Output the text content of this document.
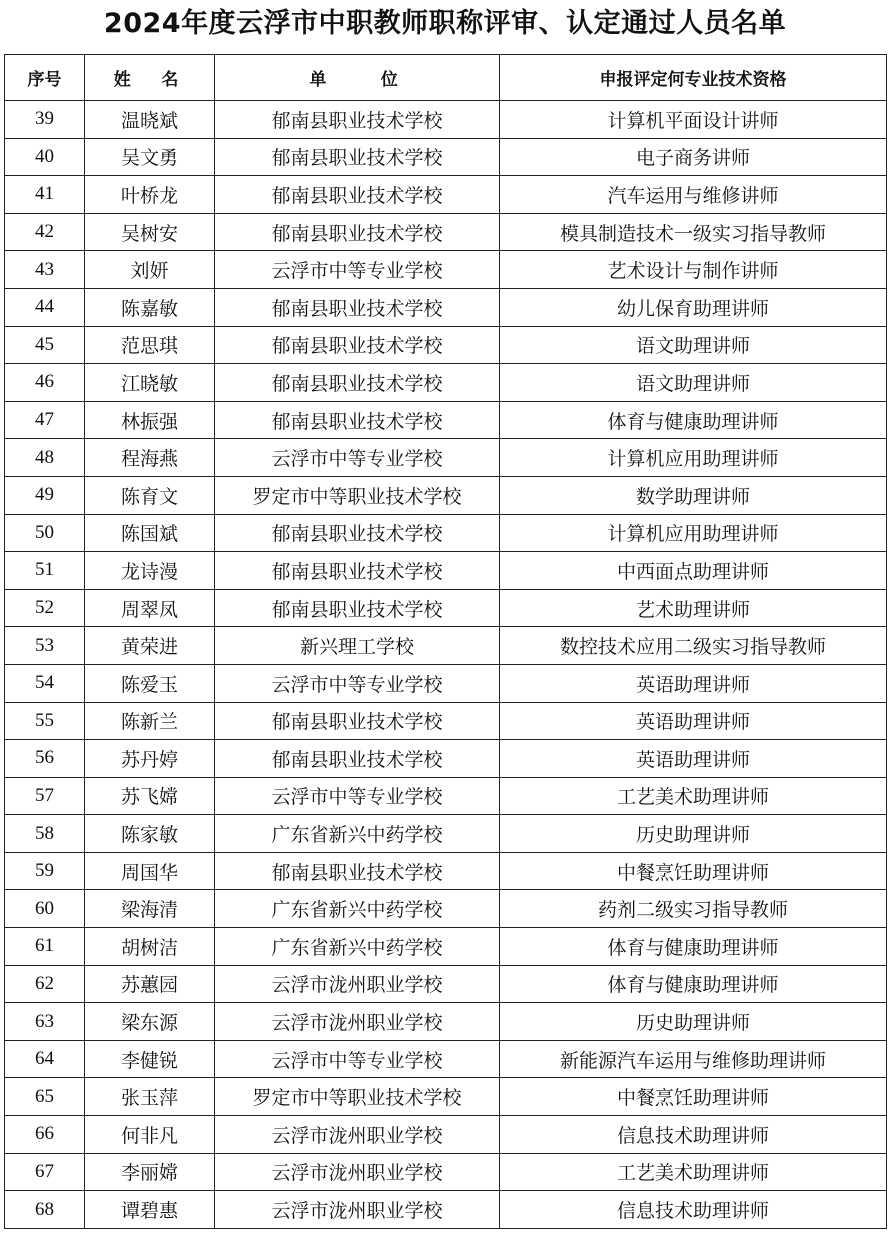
2024年度云浮市中职教师职称评审、认定通过人员名单
序号	姓　名	单　　位	申报评定何专业技术资格
39	温晓斌	郁南县职业技术学校	计算机平面设计讲师
40	吴文勇	郁南县职业技术学校	电子商务讲师
41	叶桥龙	郁南县职业技术学校	汽车运用与维修讲师
42	吴树安	郁南县职业技术学校	模具制造技术一级实习指导教师
43	刘妍	云浮市中等专业学校	艺术设计与制作讲师
44	陈嘉敏	郁南县职业技术学校	幼儿保育助理讲师
45	范思琪	郁南县职业技术学校	语文助理讲师
46	江晓敏	郁南县职业技术学校	语文助理讲师
47	林振强	郁南县职业技术学校	体育与健康助理讲师
48	程海燕	云浮市中等专业学校	计算机应用助理讲师
49	陈育文	罗定市中等职业技术学校	数学助理讲师
50	陈国斌	郁南县职业技术学校	计算机应用助理讲师
51	龙诗漫	郁南县职业技术学校	中西面点助理讲师
52	周翠凤	郁南县职业技术学校	艺术助理讲师
53	黄荣进	新兴理工学校	数控技术应用二级实习指导教师
54	陈爱玉	云浮市中等专业学校	英语助理讲师
55	陈新兰	郁南县职业技术学校	英语助理讲师
56	苏丹婷	郁南县职业技术学校	英语助理讲师
57	苏飞嫦	云浮市中等专业学校	工艺美术助理讲师
58	陈家敏	广东省新兴中药学校	历史助理讲师
59	周国华	郁南县职业技术学校	中餐烹饪助理讲师
60	梁海清	广东省新兴中药学校	药剂二级实习指导教师
61	胡树洁	广东省新兴中药学校	体育与健康助理讲师
62	苏蕙园	云浮市泷州职业学校	体育与健康助理讲师
63	梁东源	云浮市泷州职业学校	历史助理讲师
64	李健锐	云浮市中等专业学校	新能源汽车运用与维修助理讲师
65	张玉萍	罗定市中等职业技术学校	中餐烹饪助理讲师
66	何非凡	云浮市泷州职业学校	信息技术助理讲师
67	李丽嫦	云浮市泷州职业学校	工艺美术助理讲师
68	谭碧惠	云浮市泷州职业学校	信息技术助理讲师
